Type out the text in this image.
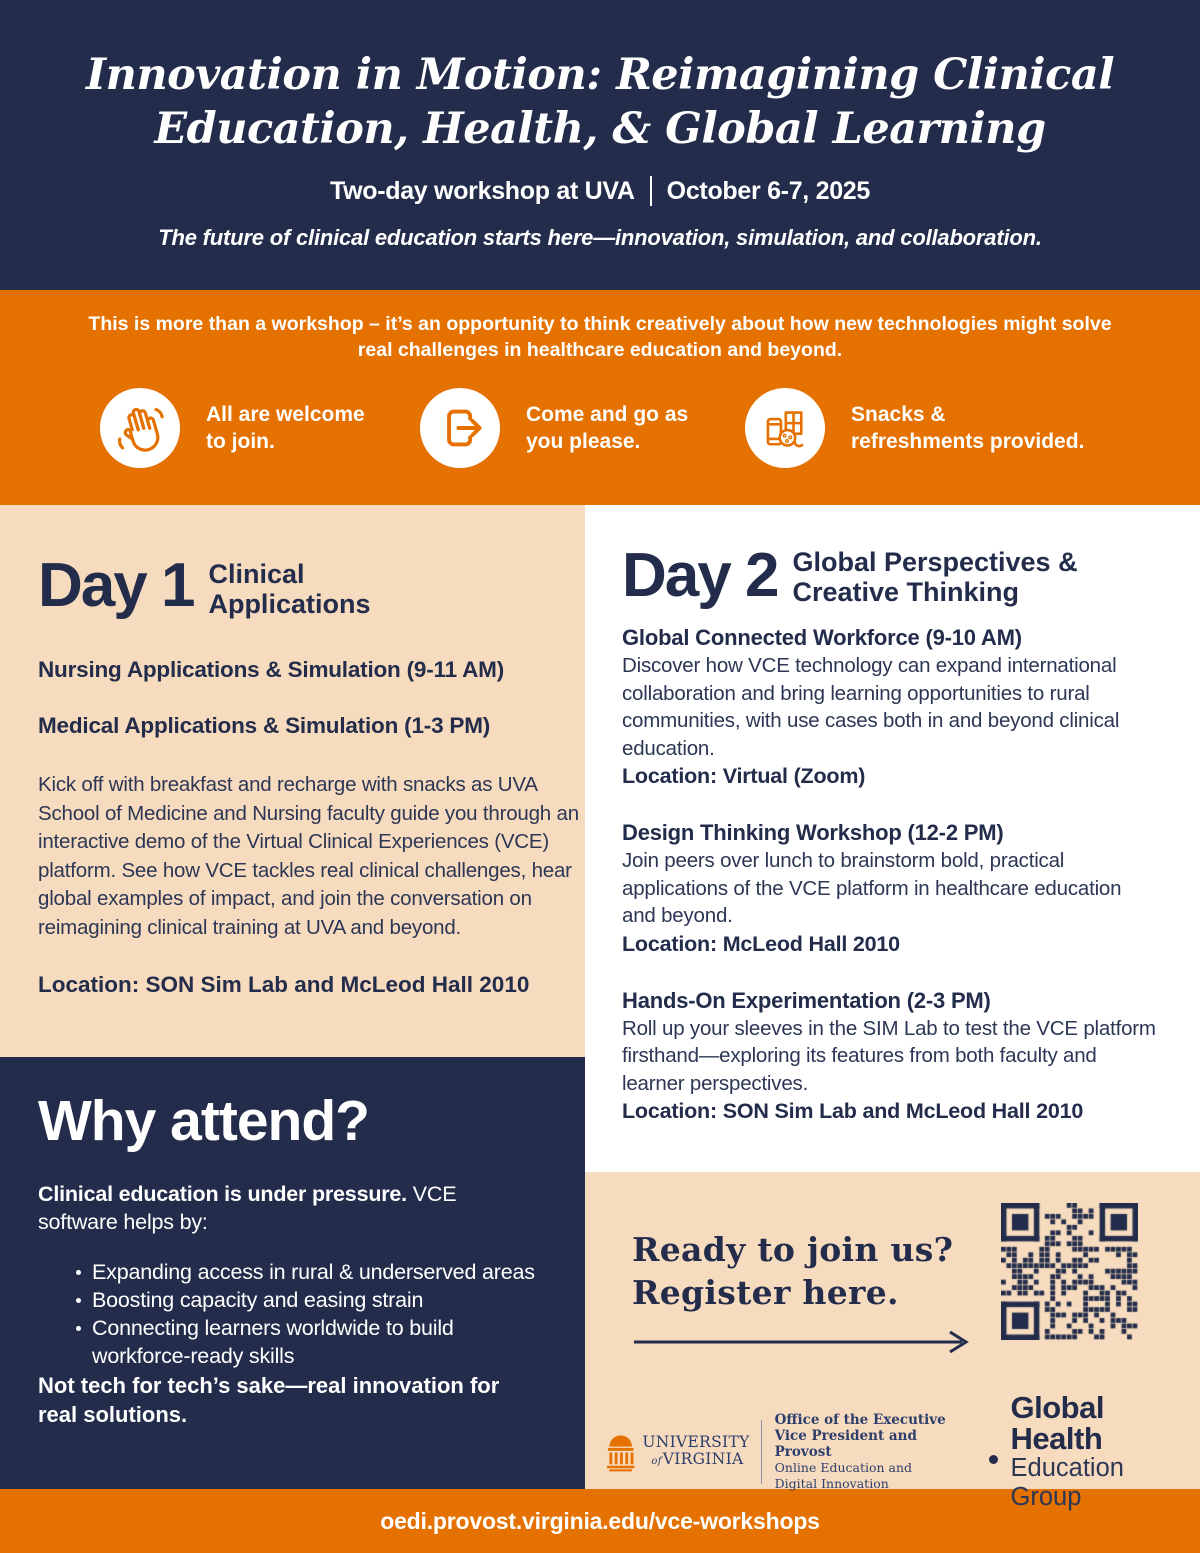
Innovation in Motion: Reimagining Clinical
Education, Health, & Global Learning
Two-day workshop at UVA October 6-7, 2025
The future of clinical education starts here—innovation, simulation, and collaboration.

This is more than a workshop – it’s an opportunity to think creatively about how new technologies might solve real challenges in healthcare education and beyond.

All are welcome
to join.
Come and go as
you please.
Snacks &
refreshments provided.
Day 1 Clinical
Applications
Nursing Applications & Simulation (9-11 AM)
Medical Applications & Simulation (1-3 PM)

Kick off with breakfast and recharge with snacks as UVA School of Medicine and Nursing faculty guide you through an interactive demo of the Virtual Clinical Experiences (VCE) platform. See how VCE tackles real clinical challenges, hear global examples of impact, and join the conversation on reimagining clinical training at UVA and beyond.

Location: SON Sim Lab and McLeod Hall 2010
Why attend?

Clinical education is under pressure. VCE software helps by:

Expanding access in rural & underserved areas
Boosting capacity and easing strain
Connecting learners worldwide to build workforce-ready skills
Not tech for tech’s sake—real innovation for real solutions.
Day 2 Global Perspectives &
Creative Thinking
Global Connected Workforce (9-10 AM)
Discover how VCE technology can expand international collaboration and bring learning opportunities to rural communities, with use cases both in and beyond clinical education.
Location: Virtual (Zoom)
Design Thinking Workshop (12-2 PM)
Join peers over lunch to brainstorm bold, practical applications of the VCE platform in healthcare education and beyond.
Location: McLeod Hall 2010
Hands-On Experimentation (2-3 PM)
Roll up your sleeves in the SIM Lab to test the VCE platform firsthand—exploring its features from both faculty and learner perspectives.
Location: SON Sim Lab and McLeod Hall 2010
Ready to join us?
Register here.
UNIVERSITY
ofVIRGINIA
Office of the Executive
Vice President and Provost
Online Education and
Digital Innovation
Global Health
Education Group
oedi.provost.virginia.edu/vce-workshops
